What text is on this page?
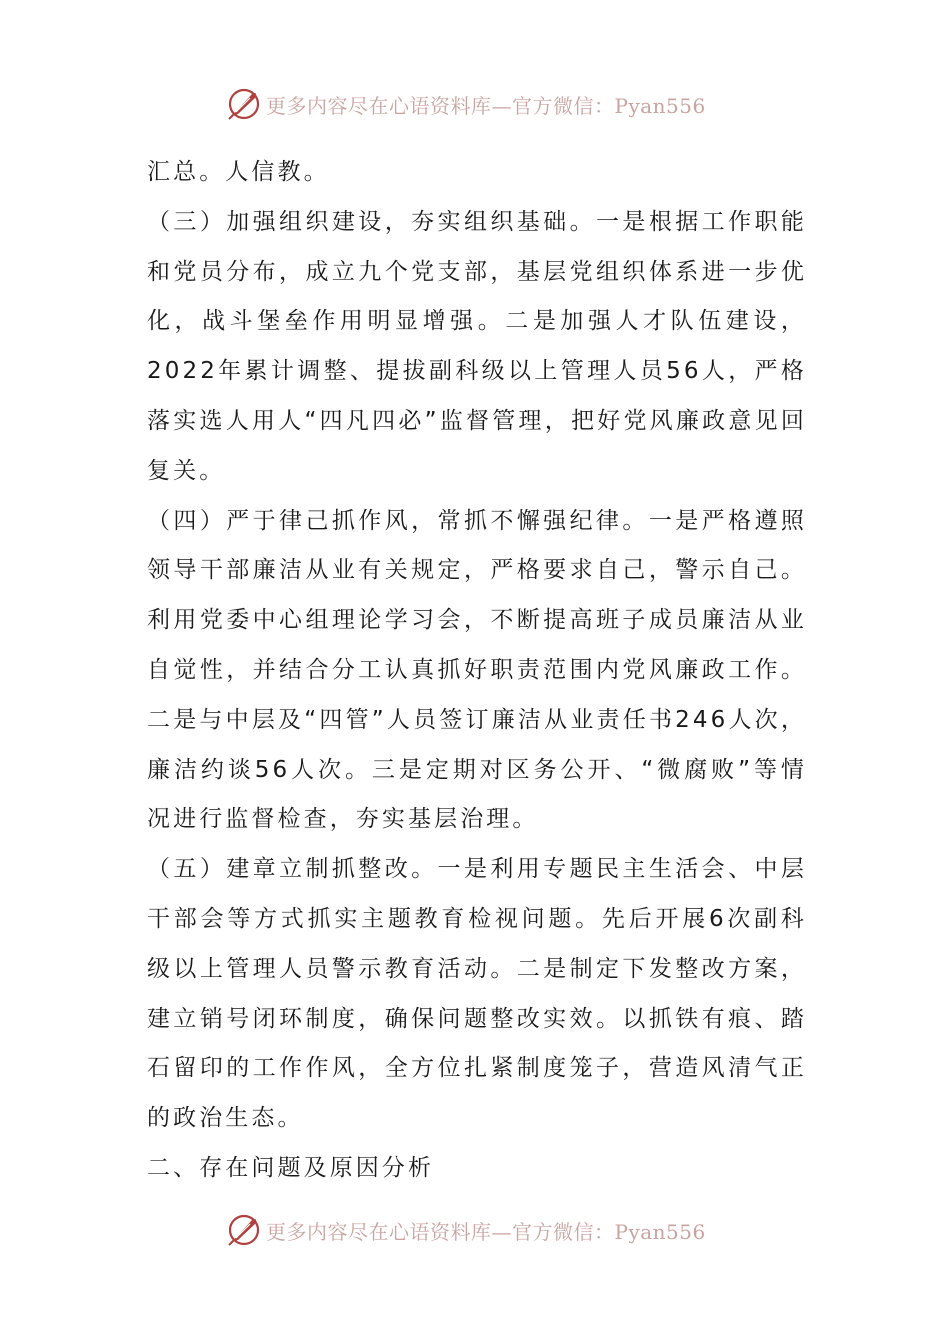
更多内容尽在心语资料库—官方微信：Pyan556

汇总。人信教。

（三）加强组织建设，夯实组织基础。一是根据工作职能和党员分布，成立九个党支部，基层党组织体系进一步优化，战斗堡垒作用明显增强。二是加强人才队伍建设，2022年累计调整、提拔副科级以上管理人员56人，严格落实选人用人“四凡四必”监督管理，把好党风廉政意见回复关。

（四）严于律己抓作风，常抓不懈强纪律。一是严格遵照领导干部廉洁从业有关规定，严格要求自己，警示自己。利用党委中心组理论学习会，不断提高班子成员廉洁从业自觉性，并结合分工认真抓好职责范围内党风廉政工作。二是与中层及“四管”人员签订廉洁从业责任书246人次，廉洁约谈56人次。三是定期对区务公开、“微腐败”等情况进行监督检查，夯实基层治理。

（五）建章立制抓整改。一是利用专题民主生活会、中层干部会等方式抓实主题教育检视问题。先后开展6次副科级以上管理人员警示教育活动。二是制定下发整改方案，建立销号闭环制度，确保问题整改实效。以抓铁有痕、踏石留印的工作作风，全方位扎紧制度笼子，营造风清气正的政治生态。

二、存在问题及原因分析

更多内容尽在心语资料库—官方微信：Pyan556
